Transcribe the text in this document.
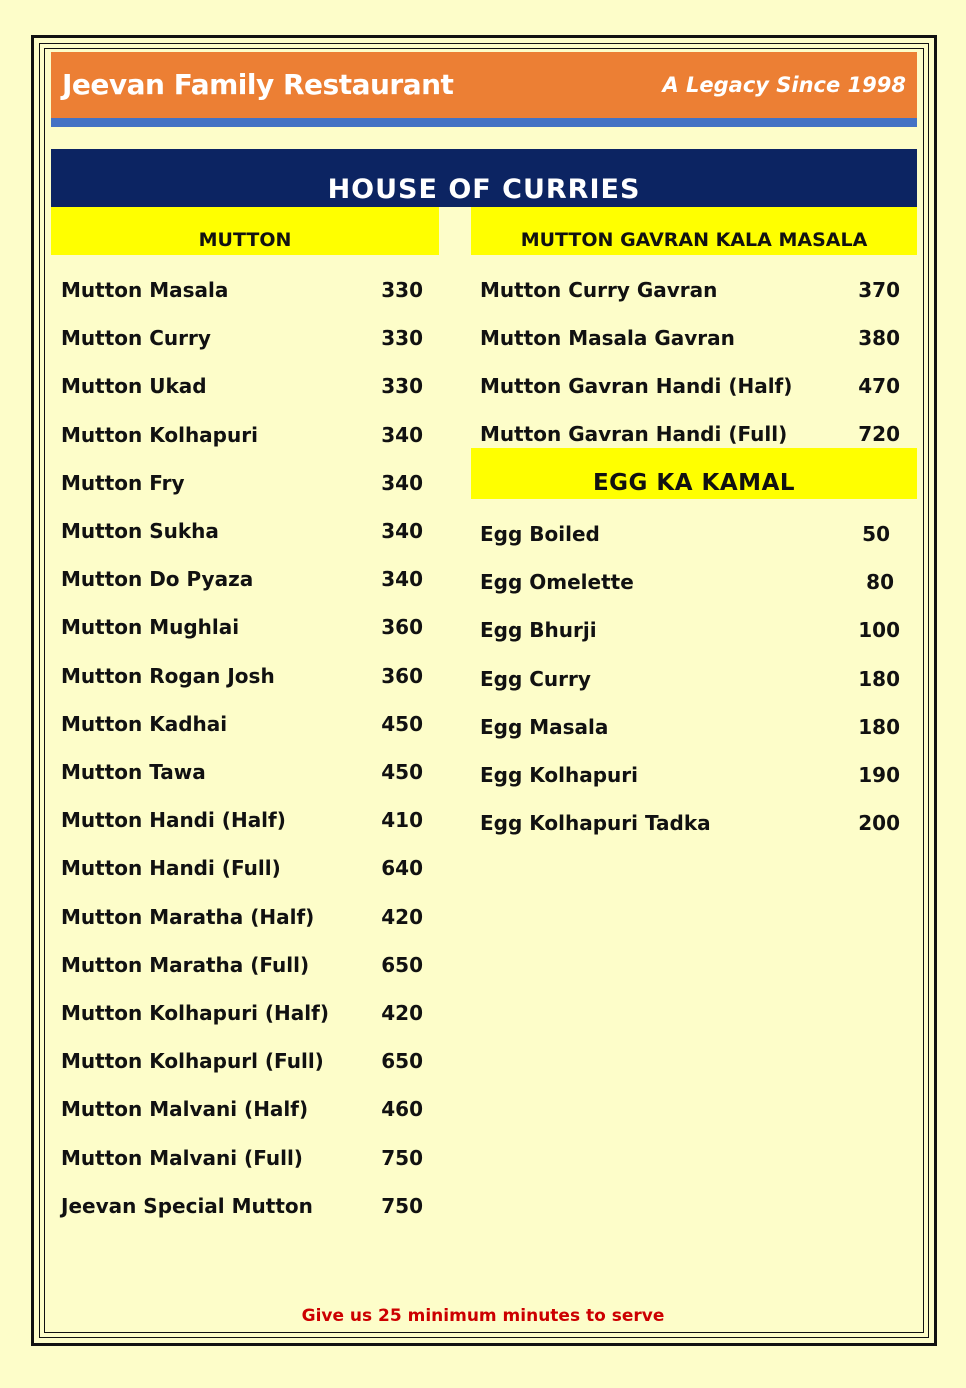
Jeevan Family Restaurant	A Legacy Since 1998
HOUSE OF CURRIES
MUTTON	MUTTON GAVRAN KALA MASALA
EGG KA KAMAL
Mutton Masala	330
Mutton Curry	330
Mutton Ukad	330
Mutton Kolhapuri	340
Mutton Fry	340
Mutton Sukha	340
Mutton Do Pyaza	340
Mutton Mughlai	360
Mutton Rogan Josh	360
Mutton Kadhai	450
Mutton Tawa	450
Mutton Handi (Half)	410
Mutton Handi (Full)	640
Mutton Maratha (Half)	420
Mutton Maratha (Full)	650
Mutton Kolhapuri (Half)	420
Mutton Kolhapurl (Full)	650
Mutton Malvani (Half)	460
Mutton Malvani (Full)	750
Jeevan Special Mutton	750
Mutton Curry Gavran	370
Mutton Masala Gavran	380
Mutton Gavran Handi (Half)	470
Mutton Gavran Handi (Full)	720
Egg Boiled	50
Egg Omelette	80
Egg Bhurji	100
Egg Curry	180
Egg Masala	180
Egg Kolhapuri	190
Egg Kolhapuri Tadka	200
Give us 25 minimum minutes to serve
